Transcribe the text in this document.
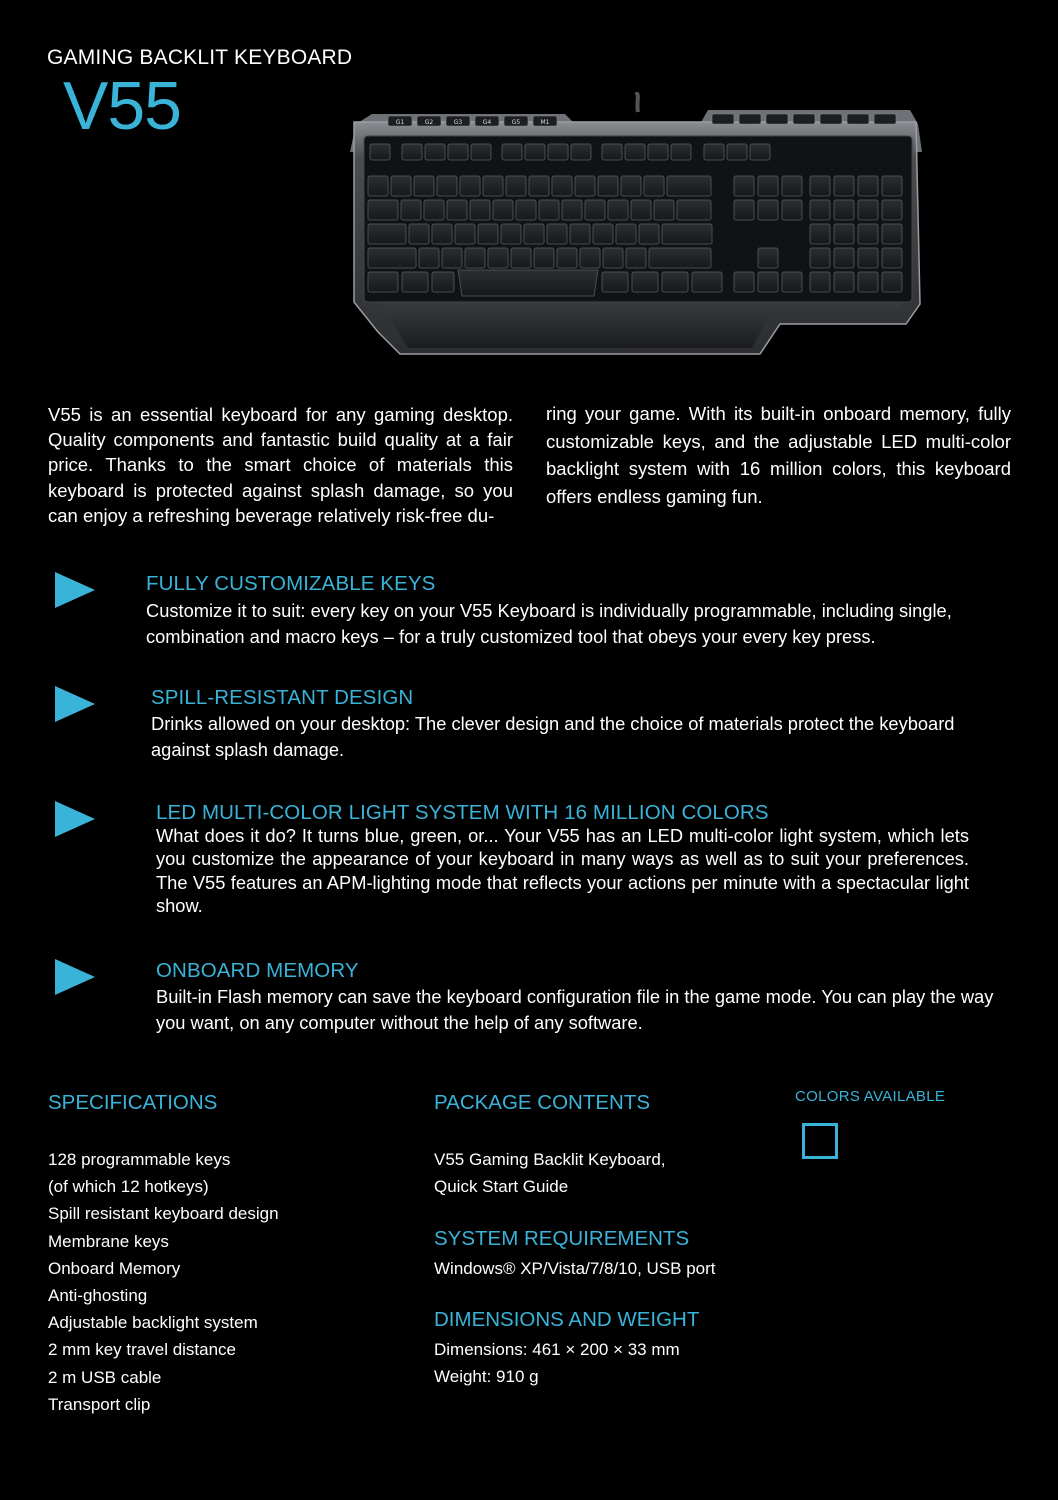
GAMING BACKLIT KEYBOARD
V55	G1	G2	G3	G4	G5	M1
V55 is an essential keyboard for any gaming desktop. Quality components and fantastic build quality at a fair price. Thanks to the smart choice of materials this keyboard is protected against splash damage, so you can enjoy a refreshing beverage relatively risk-free du-
ring your game. With its built-in onboard memory, fully customizable keys, and the adjustable LED multi-color backlight system with 16 million colors, this keyboard offers endless gaming fun.
FULLY CUSTOMIZABLE KEYS

Customize it to suit: every key on your V55 Keyboard is individually programmable, including single, combination and macro keys – for a truly customized tool that obeys your every key press.

SPILL-RESISTANT DESIGN

Drinks allowed on your desktop: The clever design and the choice of materials protect the keyboard against splash damage.

LED MULTI-COLOR LIGHT SYSTEM WITH 16 MILLION COLORS

What does it do? It turns blue, green, or... Your V55 has an LED multi-color light system, which lets you customize the appearance of your keyboard in many ways as well as to suit your preferences. The V55 features an APM-lighting mode that reflects your actions per minute with a spectacular light show.

ONBOARD MEMORY

Built-in Flash memory can save the keyboard configuration file in the game mode. You can play the way you want, on any computer without the help of any software.

SPECIFICATIONS
128 programmable keys
(of which 12 hotkeys)
Spill resistant keyboard design
Membrane keys
Onboard Memory
Anti-ghosting
Adjustable backlight system
2 mm key travel distance
2 m USB cable
Transport clip
PACKAGE CONTENTS
V55 Gaming Backlit Keyboard,
Quick Start Guide
SYSTEM REQUIREMENTS
Windows® XP/Vista/7/8/10, USB port
DIMENSIONS AND WEIGHT
Dimensions: 461 × 200 × 33 mm
Weight: 910 g
COLORS AVAILABLE
